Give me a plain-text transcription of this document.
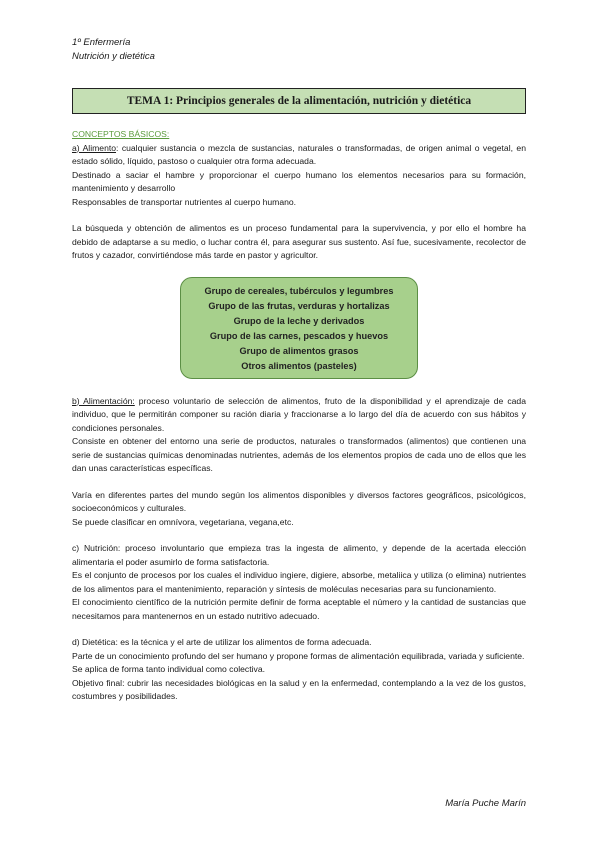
1º Enfermería
Nutrición y dietética
TEMA 1: Principios generales de la alimentación, nutrición y dietética

CONCEPTOS BÁSICOS:

a) Alimento: cualquier sustancia o mezcla de sustancias, naturales o transformadas, de origen animal o vegetal, en estado sólido, líquido, pastoso o cualquier otra forma adecuada.

Destinado a saciar el hambre y proporcionar el cuerpo humano los elementos necesarios para su formación, mantenimiento y desarrollo

Responsables de transportar nutrientes al cuerpo humano.

La búsqueda y obtención de alimentos es un proceso fundamental para la supervivencia, y por ello el hombre ha debido de adaptarse a su medio, o luchar contra él, para asegurar sus sustento. Así fue, sucesivamente, recolector de frutos y cazador, convirtiéndose más tarde en pastor y agricultor.

Grupo de cereales, tubérculos y legumbres
Grupo de las frutas, verduras y hortalizas
Grupo de la leche y derivados
Grupo de las carnes, pescados y huevos
Grupo de alimentos grasos
Otros alimentos (pasteles)

b) Alimentación: proceso voluntario de selección de alimentos, fruto de la disponibilidad y el aprendizaje de cada individuo, que le permitirán componer su ración diaria y fraccionarse a lo largo del día de acuerdo con sus hábitos y condiciones personales.

Consiste en obtener del entorno una serie de productos, naturales o transformados (alimentos) que contienen una serie de sustancias químicas denominadas nutrientes, además de los elementos propios de cada uno de ellos que les dan unas características específicas.

Varía en diferentes partes del mundo según los alimentos disponibles y diversos factores geográficos, psicológicos, socioeconómicos y culturales.

Se puede clasificar en omnívora, vegetariana, vegana,etc.

c) Nutrición: proceso involuntario que empieza tras la ingesta de alimento, y depende de la acertada elección alimentaria el poder asumirlo de forma satisfactoria.

Es el conjunto de procesos por los cuales el individuo ingiere, digiere, absorbe, metaliica y utiliza (o elimina) nutrientes de los alimentos para el mantenimiento, reparación y síntesis de moléculas necesarias para su funcionamiento.

El conocimiento científico de la nutrición permite definir de forma aceptable el número y la cantidad de sustancias que necesitamos para mantenernos en un estado nutritivo adecuado.

d) Dietética: es la técnica y el arte de utilizar los alimentos de forma adecuada.

Parte de un conocimiento profundo del ser humano y propone formas de alimentación equilibrada, variada y suficiente.

Se aplica de forma tanto individual como colectiva.

Objetivo final: cubrir las necesidades biológicas en la salud y en la enfermedad, contemplando a la vez de los gustos, costumbres y posibilidades.

María Puche Marín
